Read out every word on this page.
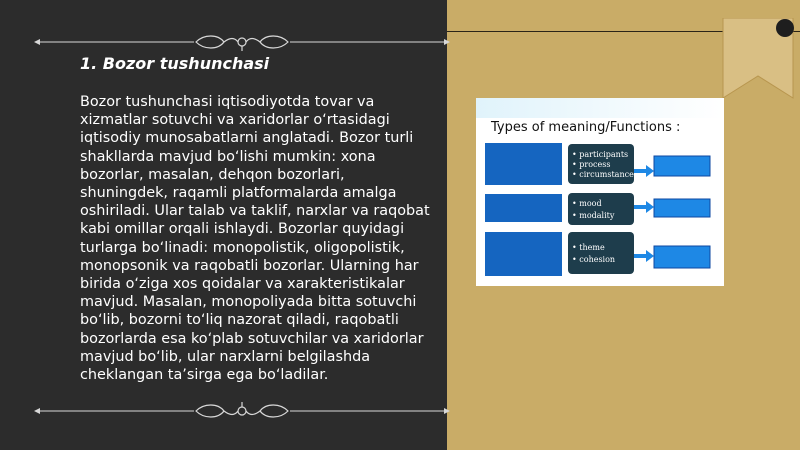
1. Bozor tushunchasi

Bozor tushunchasi iqtisodiyotda tovar va xizmatlar sotuvchi va xaridorlar o‘rtasidagi iqtisodiy munosabatlarni anglatadi. Bozor turli shakllarda mavjud bo‘lishi mumkin: xona bozorlar, masalan, dehqon bozorlari, shuningdek, raqamli platformalarda amalga oshiriladi. Ular talab va taklif, narxlar va raqobat kabi omillar orqali ishlaydi. Bozorlar quyidagi turlarga bo‘linadi: monopolistik, oligopolistik, monopsonik va raqobatli bozorlar. Ularning har birida o‘ziga xos qoidalar va xarakteristikalar mavjud. Masalan, monopoliyada bitta sotuvchi bo‘lib, bozorni to‘liq nazorat qiladi, raqobatli bozorlarda esa ko‘plab sotuvchilar va xaridorlar mavjud bo‘lib, ular narxlarni belgilashda cheklangan ta’sirga ega bo‘ladilar.

• participants
• process
• circumstances
• mood
• modality
• theme
• cohesion

Types of meaning/Functions :
